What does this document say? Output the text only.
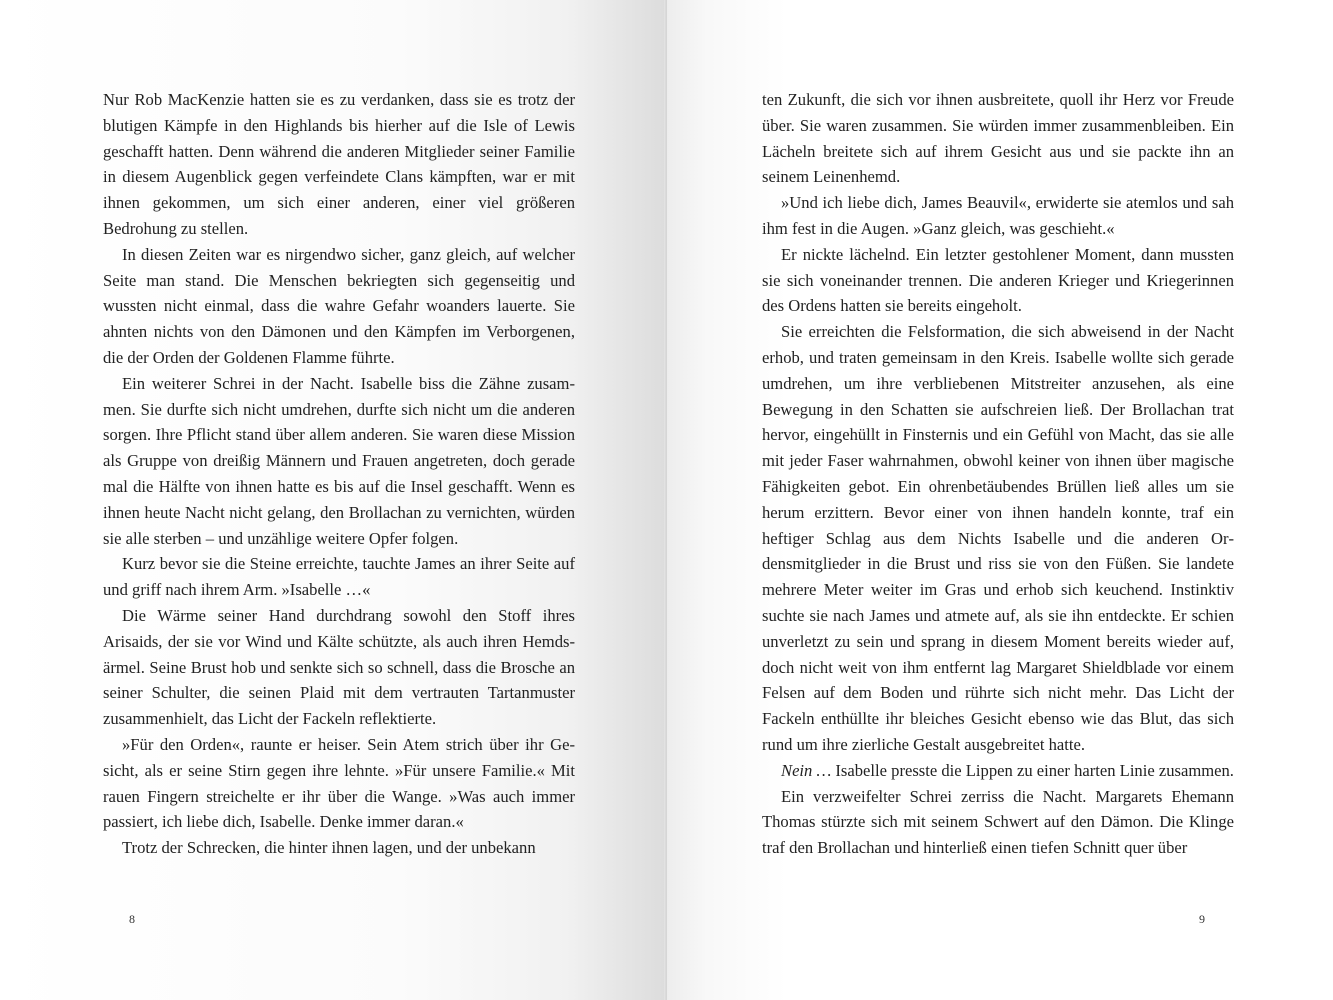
Nur Rob MacKenzie hatten sie es zu verdanken, dass sie es trotz der blutigen Kämpfe in den Highlands bis hierher auf die Isle of Lewis geschafft hatten. Denn während die anderen Mitglieder seiner Familie in diesem Augenblick gegen verfeindete Clans kämpften, war er mit ihnen gekommen, um sich einer anderen, einer viel größeren Bedrohung zu stellen.

In diesen Zeiten war es nirgendwo sicher, ganz gleich, auf welcher Seite man stand. Die Menschen bekriegten sich gegenseitig und wussten nicht einmal, dass die wahre Gefahr woanders lauerte. Sie ahnten nichts von den Dämonen und den Kämpfen im Verborgenen, die der Orden der Goldenen Flamme führte.

Ein weiterer Schrei in der Nacht. Isabelle biss die Zähne zusammen. Sie durfte sich nicht umdrehen, durfte sich nicht um die anderen sorgen. Ihre Pflicht stand über allem anderen. Sie waren diese Mission als Gruppe von dreißig Männern und Frauen angetreten, doch gerade mal die Hälfte von ihnen hatte es bis auf die Insel geschafft. Wenn es ihnen heute Nacht nicht gelang, den Brollachan zu vernichten, würden sie alle sterben – und unzählige weitere Opfer folgen.

Kurz bevor sie die Steine erreichte, tauchte James an ihrer Seite auf und griff nach ihrem Arm. »Isabelle …«

Die Wärme seiner Hand durchdrang sowohl den Stoff ihres Arisaids, der sie vor Wind und Kälte schützte, als auch ihren Hemdsärmel. Seine Brust hob und senkte sich so schnell, dass die Brosche an seiner Schulter, die seinen Plaid mit dem vertrauten Tartanmuster zusammenhielt, das Licht der Fackeln reflektierte.

»Für den Orden«, raunte er heiser. Sein Atem strich über ihr Gesicht, als er seine Stirn gegen ihre lehnte. »Für unsere Familie.« Mit rauen Fingern streichelte er ihr über die Wange. »Was auch immer passiert, ich liebe dich, Isabelle. Denke immer daran.«

Trotz der Schrecken, die hinter ihnen lagen, und der unbekann

8

ten Zukunft, die sich vor ihnen ausbreitete, quoll ihr Herz vor Freude über. Sie waren zusammen. Sie würden immer zusammenbleiben. Ein Lächeln breitete sich auf ihrem Gesicht aus und sie packte ihn an seinem Leinenhemd.

»Und ich liebe dich, James Beauvil«, erwiderte sie atemlos und sah ihm fest in die Augen. »Ganz gleich, was geschieht.«

Er nickte lächelnd. Ein letzter gestohlener Moment, dann mussten sie sich voneinander trennen. Die anderen Krieger und Kriegerinnen des Ordens hatten sie bereits eingeholt.

Sie erreichten die Felsformation, die sich abweisend in der Nacht erhob, und traten gemeinsam in den Kreis. Isabelle wollte sich gerade umdrehen, um ihre verbliebenen Mitstreiter anzusehen, als eine Bewegung in den Schatten sie aufschreien ließ. Der Brollachan trat hervor, eingehüllt in Finsternis und ein Gefühl von Macht, das sie alle mit jeder Faser wahrnahmen, obwohl keiner von ihnen über magische Fähigkeiten gebot. Ein ohrenbetäubendes Brüllen ließ alles um sie herum erzittern. Bevor einer von ihnen handeln konnte, traf ein heftiger Schlag aus dem Nichts Isabelle und die anderen Ordensmitglieder in die Brust und riss sie von den Füßen. Sie landete mehrere Meter weiter im Gras und erhob sich keuchend. Instinktiv suchte sie nach James und atmete auf, als sie ihn entdeckte. Er schien unverletzt zu sein und sprang in diesem Moment bereits wieder auf, doch nicht weit von ihm entfernt lag Margaret Shieldblade vor einem Felsen auf dem Boden und rührte sich nicht mehr. Das Licht der Fackeln enthüllte ihr bleiches Gesicht ebenso wie das Blut, das sich rund um ihre zierliche Gestalt ausgebreitet hatte.

Nein … Isabelle presste die Lippen zu einer harten Linie zusammen.

Ein verzweifelter Schrei zerriss die Nacht. Margarets Ehemann Thomas stürzte sich mit seinem Schwert auf den Dämon. Die Klinge traf den Brollachan und hinterließ einen tiefen Schnitt quer über

9
